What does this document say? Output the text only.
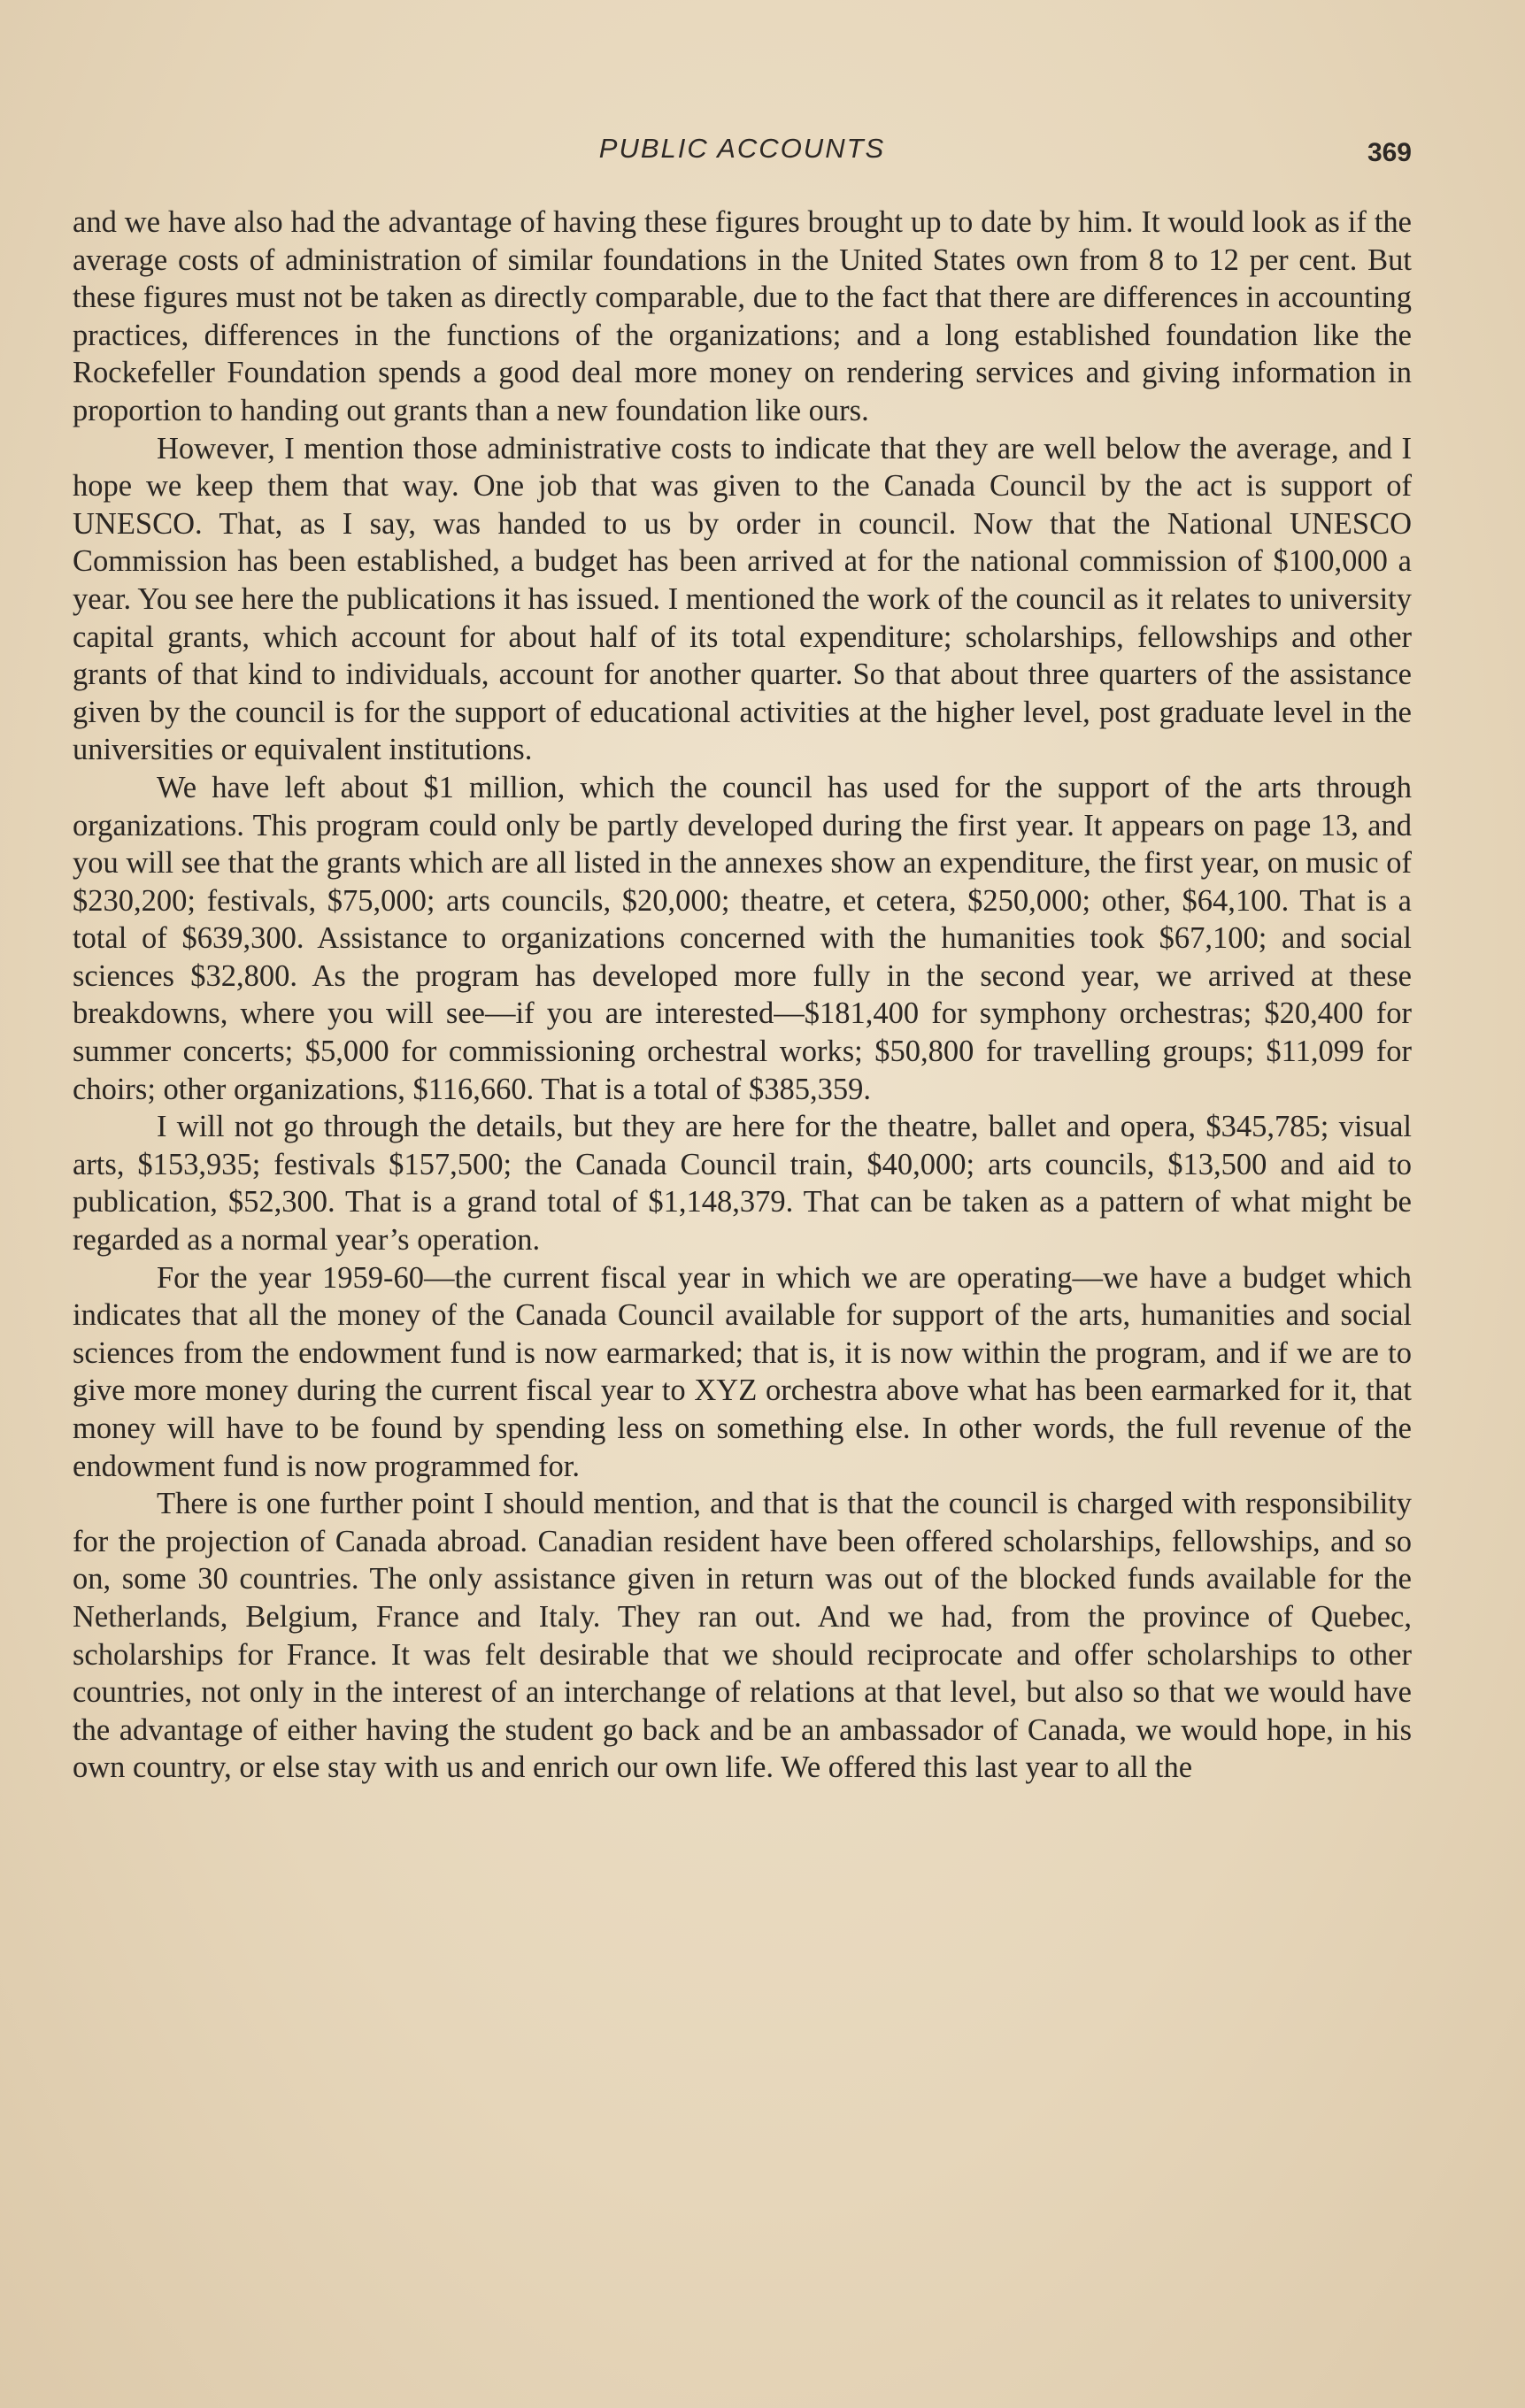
PUBLIC ACCOUNTS	369

and we have also had the advantage of having these figures brought up to date by him. It would look as if the average costs of administration of similar foundations in the United States own from 8 to 12 per cent. But these figures must not be taken as directly comparable, due to the fact that there are differences in accounting practices, differences in the functions of the organizations; and a long established foundation like the Rockefeller Foundation spends a good deal more money on rendering services and giving information in proportion to handing out grants than a new foundation like ours.

However, I mention those administrative costs to indicate that they are well below the average, and I hope we keep them that way. One job that was given to the Canada Council by the act is support of UNESCO. That, as I say, was handed to us by order in council. Now that the National UNESCO Commission has been established, a budget has been arrived at for the national commission of $100,000 a year. You see here the publications it has issued. I mentioned the work of the council as it relates to university capital grants, which account for about half of its total expenditure; scholarships, fellowships and other grants of that kind to individuals, account for another quarter. So that about three quarters of the assistance given by the council is for the support of educational activities at the higher level, post graduate level in the universities or equivalent institutions.

We have left about $1 million, which the council has used for the support of the arts through organizations. This program could only be partly developed during the first year. It appears on page 13, and you will see that the grants which are all listed in the annexes show an expenditure, the first year, on music of $230,200; festivals, $75,000; arts councils, $20,000; theatre, et cetera, $250,000; other, $64,100. That is a total of $639,300. Assistance to organizations concerned with the humanities took $67,100; and social sciences $32,800. As the program has developed more fully in the second year, we arrived at these breakdowns, where you will see—if you are interested—$181,400 for symphony orchestras; $20,400 for summer concerts; $5,000 for commissioning orchestral works; $50,800 for travelling groups; $11,099 for choirs; other organizations, $116,660. That is a total of $385,359.

I will not go through the details, but they are here for the theatre, ballet and opera, $345,785; visual arts, $153,935; festivals $157,500; the Canada Council train, $40,000; arts councils, $13,500 and aid to publication, $52,300. That is a grand total of $1,148,379. That can be taken as a pattern of what might be regarded as a normal year’s operation.

For the year 1959-60—the current fiscal year in which we are operating—we have a budget which indicates that all the money of the Canada Council available for support of the arts, humanities and social sciences from the endowment fund is now earmarked; that is, it is now within the program, and if we are to give more money during the current fiscal year to XYZ orchestra above what has been earmarked for it, that money will have to be found by spending less on something else. In other words, the full revenue of the endowment fund is now programmed for.

There is one further point I should mention, and that is that the council is charged with responsibility for the projection of Canada abroad. Canadian resident have been offered scholarships, fellowships, and so on, some 30 countries. The only assistance given in return was out of the blocked funds available for the Netherlands, Belgium, France and Italy. They ran out. And we had, from the province of Quebec, scholarships for France. It was felt desirable that we should reciprocate and offer scholarships to other countries, not only in the interest of an interchange of relations at that level, but also so that we would have the advantage of either having the student go back and be an ambassador of Canada, we would hope, in his own country, or else stay with us and enrich our own life. We offered this last year to all the
